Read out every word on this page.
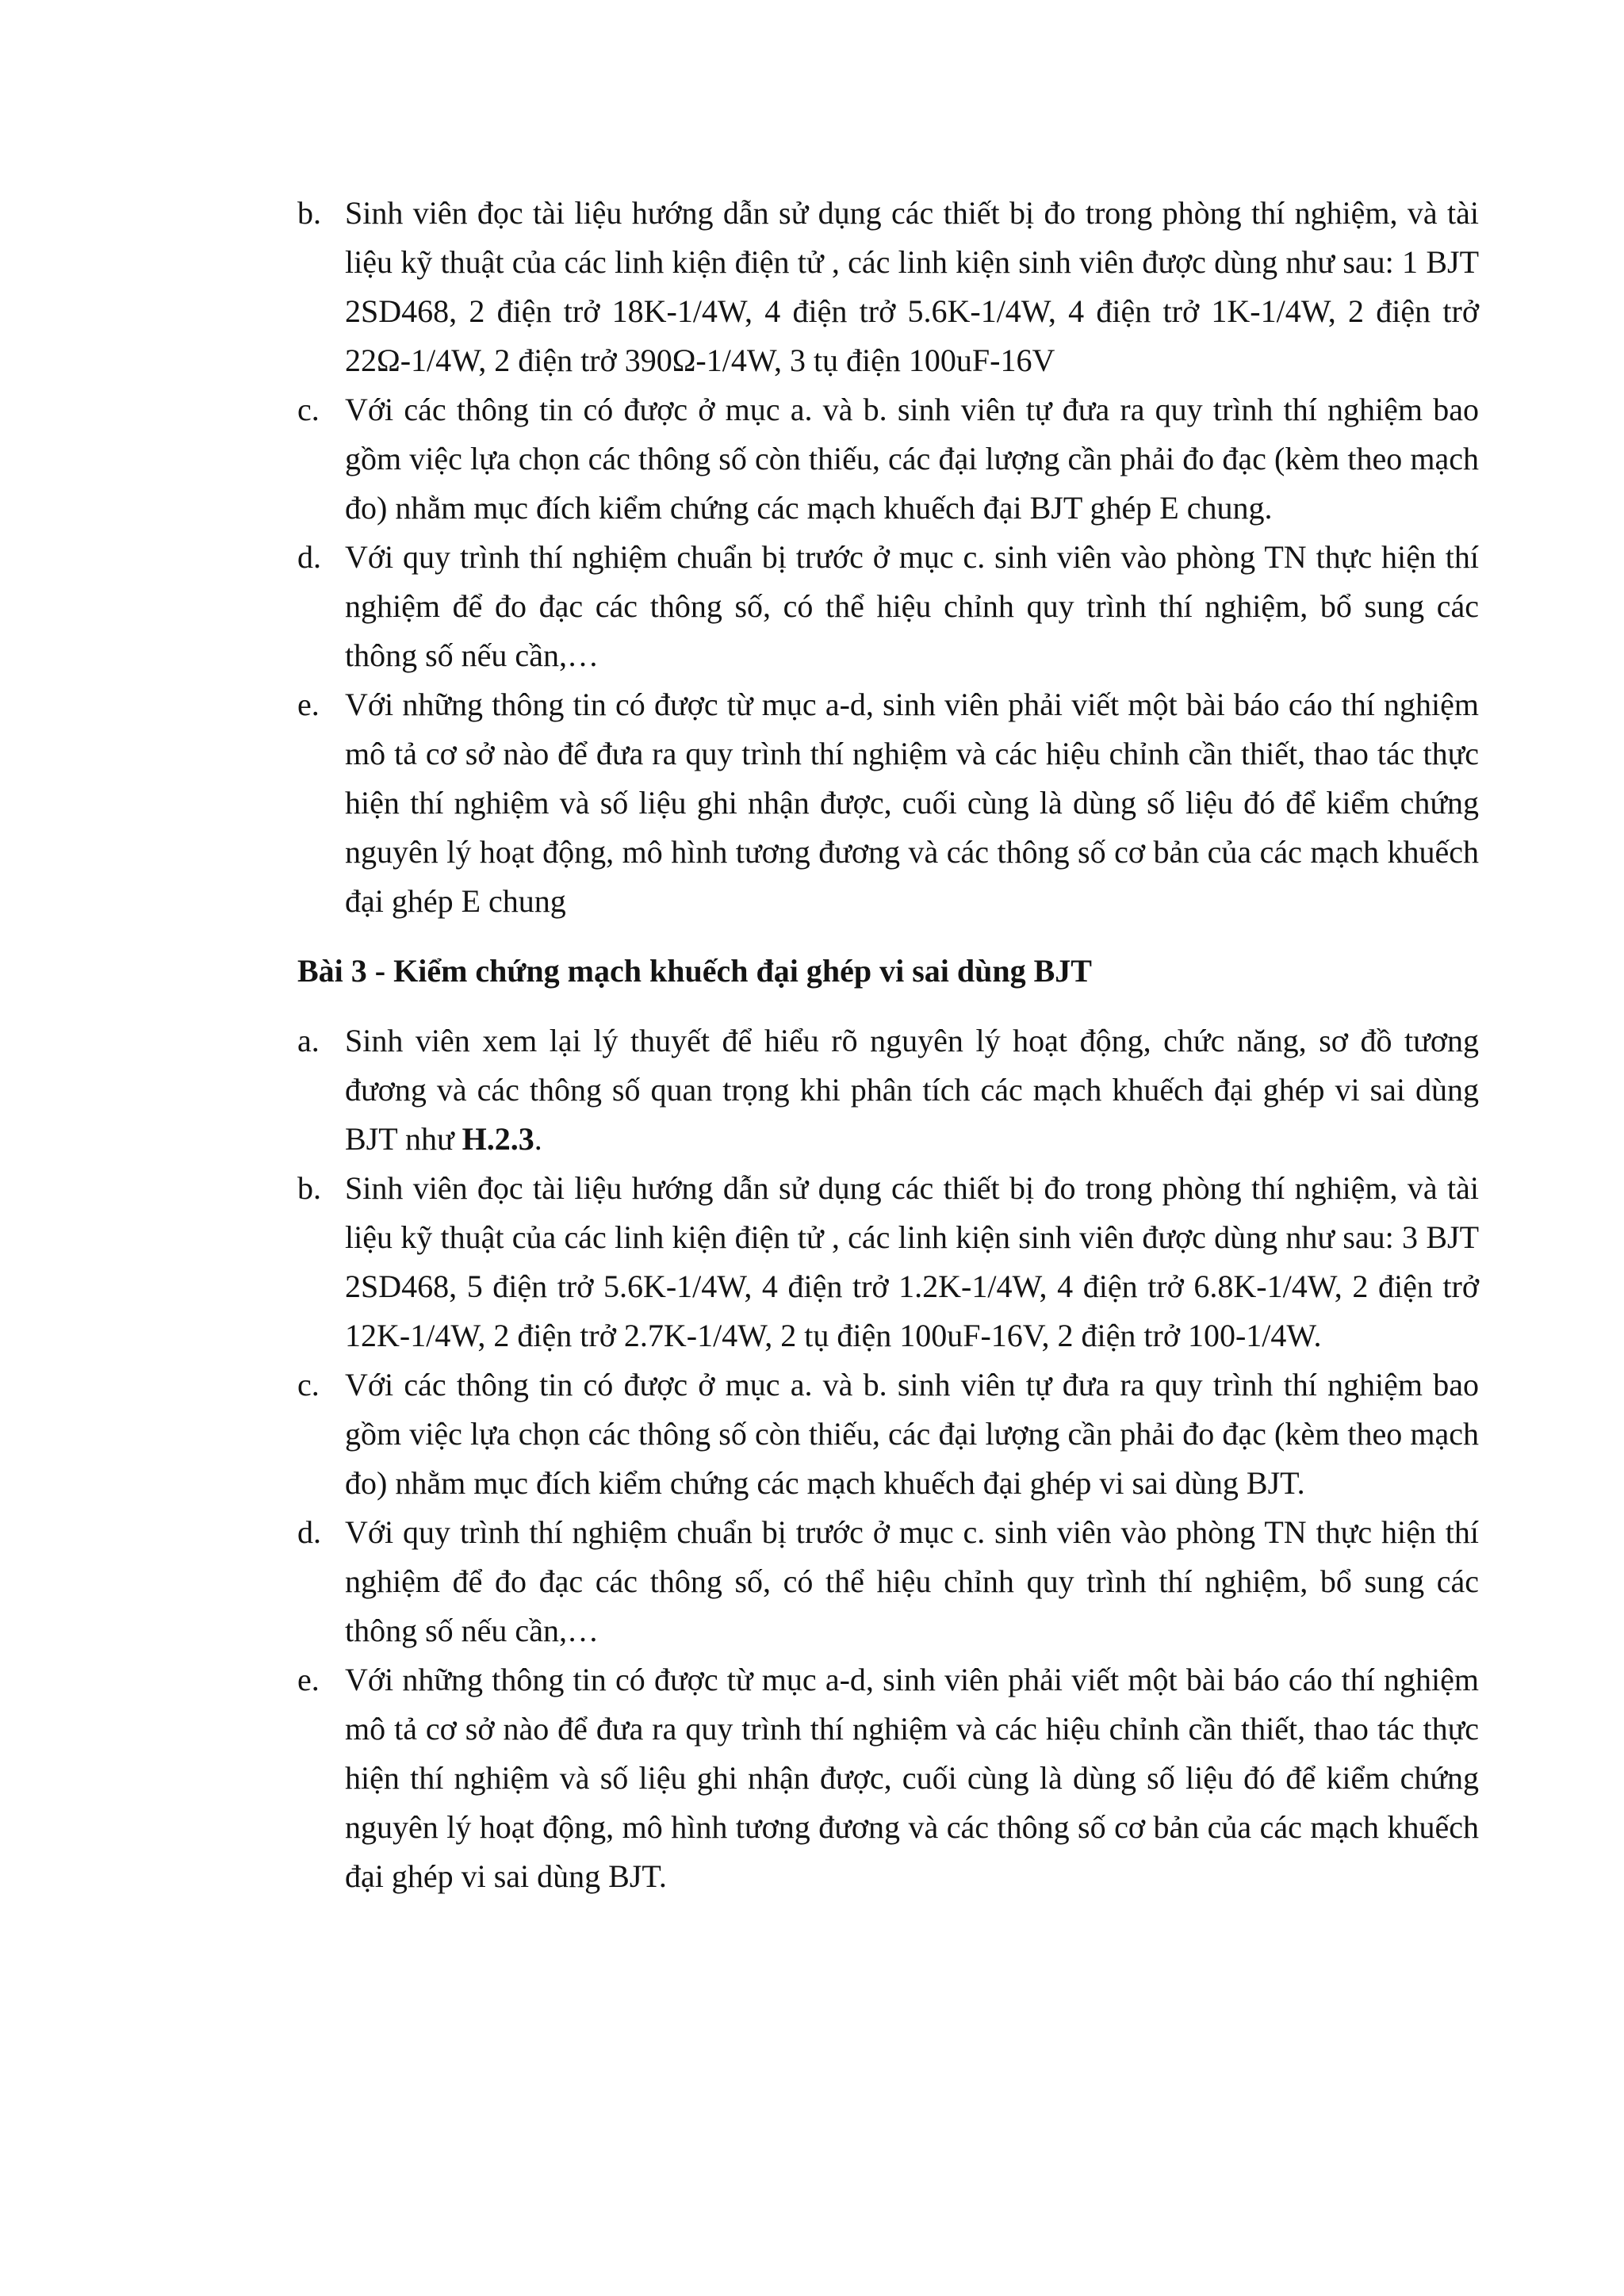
b. Sinh viên đọc tài liệu hướng dẫn sử dụng các thiết bị đo trong phòng thí nghiệm, và tài liệu kỹ thuật của các linh kiện điện tử , các linh kiện sinh viên được dùng như sau: 1 BJT 2SD468, 2 điện trở 18K-1/4W, 4 điện trở 5.6K-1/4W, 4 điện trở 1K-1/4W, 2 điện trở 22Ω-1/4W, 2 điện trở 390Ω-1/4W, 3 tụ điện 100uF-16V
c. Với các thông tin có được ở mục a. và b. sinh viên tự đưa ra quy trình thí nghiệm bao gồm việc lựa chọn các thông số còn thiếu, các đại lượng cần phải đo đạc (kèm theo mạch đo) nhằm mục đích kiểm chứng các mạch khuếch đại BJT ghép E chung.
d. Với quy trình thí nghiệm chuẩn bị trước ở mục c. sinh viên vào phòng TN thực hiện thí nghiệm để đo đạc các thông số, có thể hiệu chỉnh quy trình thí nghiệm, bổ sung các thông số nếu cần,…
e. Với những thông tin có được từ mục a-d, sinh viên phải viết một bài báo cáo thí nghiệm mô tả cơ sở nào để đưa ra quy trình thí nghiệm và các hiệu chỉnh cần thiết, thao tác thực hiện thí nghiệm và số liệu ghi nhận được, cuối cùng là dùng số liệu đó để kiểm chứng nguyên lý hoạt động, mô hình tương đương và các thông số cơ bản của các mạch khuếch đại ghép E chung
Bài 3 - Kiểm chứng mạch khuếch đại ghép vi sai dùng BJT
a. Sinh viên xem lại lý thuyết để hiểu rõ nguyên lý hoạt động, chức năng, sơ đồ tương đương và các thông số quan trọng khi phân tích các mạch khuếch đại ghép vi sai dùng BJT như H.2.3.
b. Sinh viên đọc tài liệu hướng dẫn sử dụng các thiết bị đo trong phòng thí nghiệm, và tài liệu kỹ thuật của các linh kiện điện tử , các linh kiện sinh viên được dùng như sau: 3 BJT 2SD468, 5 điện trở 5.6K-1/4W, 4 điện trở 1.2K-1/4W, 4 điện trở 6.8K-1/4W, 2 điện trở 12K-1/4W, 2 điện trở 2.7K-1/4W, 2 tụ điện 100uF-16V, 2 điện trở 100-1/4W.
c. Với các thông tin có được ở mục a. và b. sinh viên tự đưa ra quy trình thí nghiệm bao gồm việc lựa chọn các thông số còn thiếu, các đại lượng cần phải đo đạc (kèm theo mạch đo) nhằm mục đích kiểm chứng các mạch khuếch đại ghép vi sai dùng BJT.
d. Với quy trình thí nghiệm chuẩn bị trước ở mục c. sinh viên vào phòng TN thực hiện thí nghiệm để đo đạc các thông số, có thể hiệu chỉnh quy trình thí nghiệm, bổ sung các thông số nếu cần,…
e. Với những thông tin có được từ mục a-d, sinh viên phải viết một bài báo cáo thí nghiệm mô tả cơ sở nào để đưa ra quy trình thí nghiệm và các hiệu chỉnh cần thiết, thao tác thực hiện thí nghiệm và số liệu ghi nhận được, cuối cùng là dùng số liệu đó để kiểm chứng nguyên lý hoạt động, mô hình tương đương và các thông số cơ bản của các mạch khuếch đại ghép vi sai dùng BJT.
